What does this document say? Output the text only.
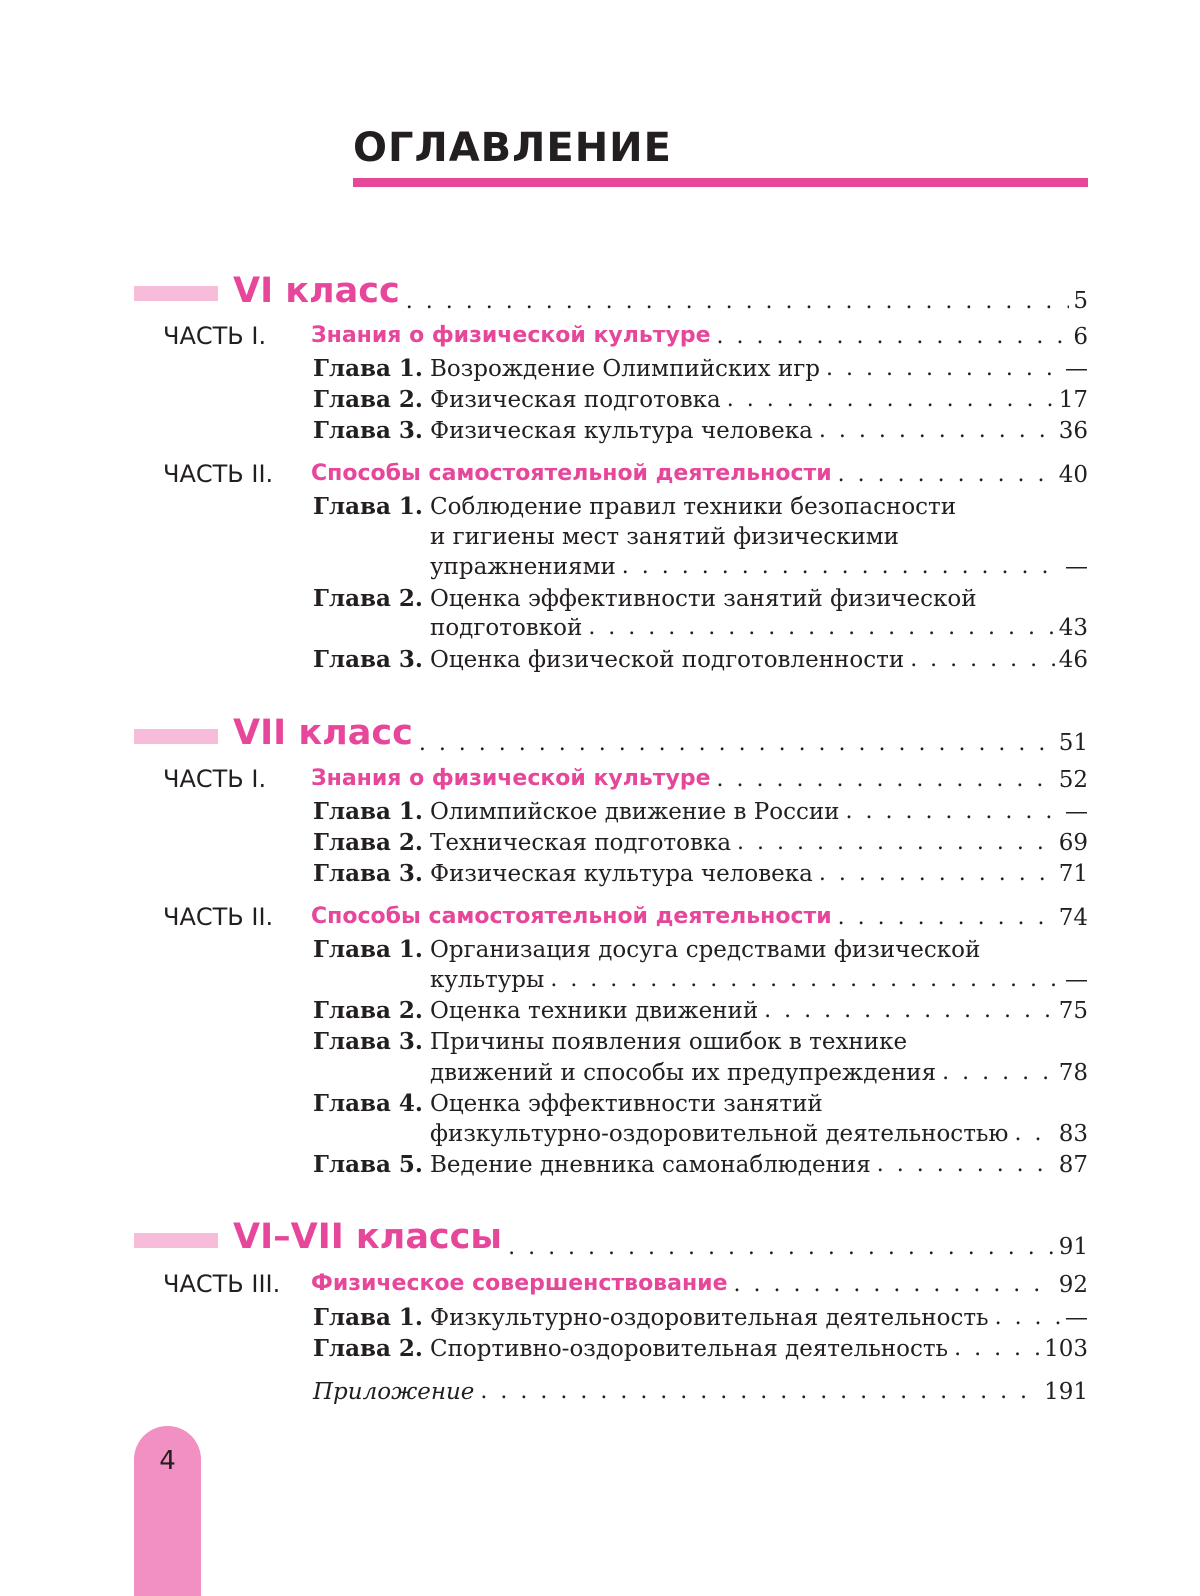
ОГЛАВЛЕНИЕ
VI класс . . .	5
ЧАСТЬ I. Знания о физической культуре . . .	6
Глава 1. Возрождение Олимпийских игр . . .	—
Глава 2. Физическая подготовка . . .	17
Глава 3. Физическая культура человека . . .	36
ЧАСТЬ II. Способы самостоятельной деятельности . . .	40
Глава 1. Соблюдение правил техники безопасности
и гигиены мест занятий физическими
упражнениями . . .	—
Глава 2. Оценка эффективности занятий физической
подготовкой . . .	43
Глава 3. Оценка физической подготовленности . . .	46
VII класс . . .	51
ЧАСТЬ I. Знания о физической культуре . . .	52
Глава 1. Олимпийское движение в России . . .	—
Глава 2. Техническая подготовка . . .	69
Глава 3. Физическая культура человека . . .	71
ЧАСТЬ II. Способы самостоятельной деятельности . . .	74
Глава 1. Организация досуга средствами физической
культуры . . .	—
Глава 2. Оценка техники движений . . .	75
Глава 3. Причины появления ошибок в технике
движений и способы их предупреждения . . .	78
Глава 4. Оценка эффективности занятий
физкультурно-оздоровительной деятельностью . . . 83
Глава 5. Ведение дневника самонаблюдения . . .	87
VI–VII классы . . .	91
ЧАСТЬ III. Физическое совершенствование . . .	92
Глава 1. Физкультурно-оздоровительная деятельность . . .	—
Глава 2. Спортивно-оздоровительная деятельность . . .	103
Приложение . . .	191
4
